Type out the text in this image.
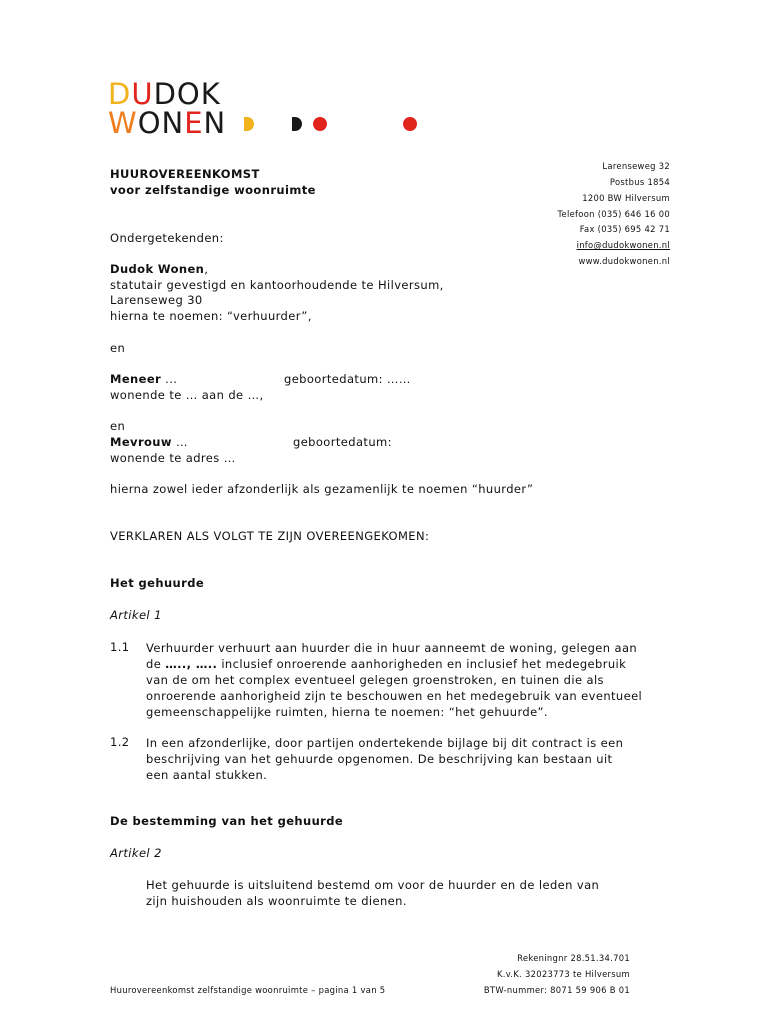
DUDOK
WONEN
HUUROVEREENKOMST
voor zelfstandige woonruimte
Larenseweg 32
Postbus 1854
1200 BW Hilversum
Telefoon (035) 646 16 00
Fax (035) 695 42 71
info@dudokwonen.nl
www.dudokwonen.nl
Ondergetekenden:
Dudok Wonen,
statutair gevestigd en kantoorhoudende te Hilversum,
Larenseweg 30
hierna te noemen: “verhuurder”,
en
Meneer ...	geboortedatum: ……
wonende te … aan de …,
en
Mevrouw …	geboortedatum:
wonende te adres …
hierna zowel ieder afzonderlijk als gezamenlijk te noemen “huurder”
VERKLAREN ALS VOLGT TE ZIJN OVEREENGEKOMEN:
Het gehuurde
Artikel 1
1.1 Verhuurder verhuurt aan huurder die in huur aanneemt de woning, gelegen aan de ….., ….. inclusief onroerende aanhorigheden en inclusief het medegebruik van de om het complex eventueel gelegen groenstroken, en tuinen die als onroerende aanhorigheid zijn te beschouwen en het medegebruik van eventueel gemeenschappelijke ruimten, hierna te noemen: “het gehuurde”.
1.2 In een afzonderlijke, door partijen ondertekende bijlage bij dit contract is een beschrijving van het gehuurde opgenomen. De beschrijving kan bestaan uit een aantal stukken.
De bestemming van het gehuurde
Artikel 2
Het gehuurde is uitsluitend bestemd om voor de huurder en de leden van zijn huishouden als woonruimte te dienen.
Rekeningnr 28.51.34.701
K.v.K. 32023773 te Hilversum
BTW-nummer: 8071 59 906 B 01
Huurovereenkomst zelfstandige woonruimte – pagina 1 van 5
